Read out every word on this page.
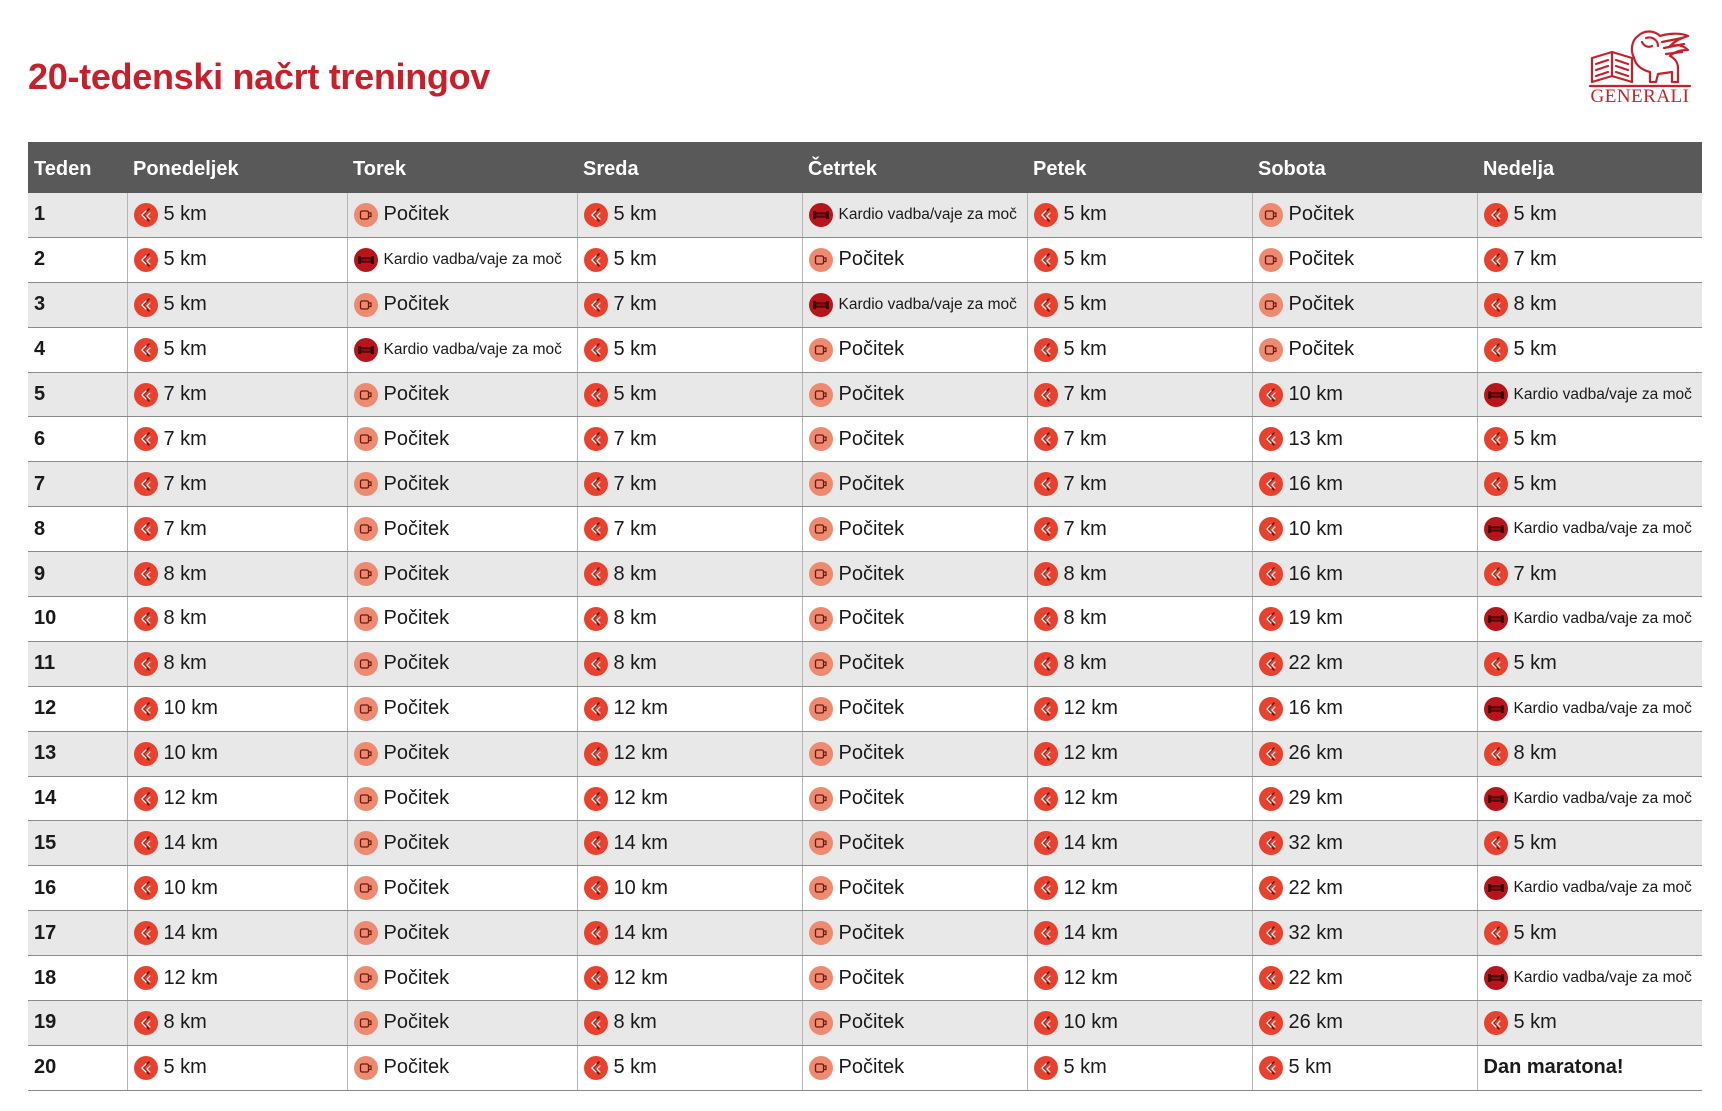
20-tedenski načrt treningov	GENERALI
Teden	Ponedeljek	Torek	Sreda	Četrtek	Petek	Sobota	Nedelja
1	5 km	Počitek	5 km	Kardio vadba/vaje za moč	5 km	Počitek	5 km

2	5 km	Kardio vadba/vaje za moč	5 km	Počitek	5 km	Počitek	7 km

3	5 km	Počitek	7 km	Kardio vadba/vaje za moč	5 km	Počitek	8 km

4	5 km	Kardio vadba/vaje za moč	5 km	Počitek	5 km	Počitek	5 km

5	7 km	Počitek	5 km	Počitek	7 km	10 km	Kardio vadba/vaje za moč

6	7 km	Počitek	7 km	Počitek	7 km	13 km	5 km

7	7 km	Počitek	7 km	Počitek	7 km	16 km	5 km

8	7 km	Počitek	7 km	Počitek	7 km	10 km	Kardio vadba/vaje za moč

9	8 km	Počitek	8 km	Počitek	8 km	16 km	7 km

10	8 km	Počitek	8 km	Počitek	8 km	19 km	Kardio vadba/vaje za moč

11	8 km	Počitek	8 km	Počitek	8 km	22 km	5 km

12	10 km	Počitek	12 km	Počitek	12 km	16 km	Kardio vadba/vaje za moč

13	10 km	Počitek	12 km	Počitek	12 km	26 km	8 km

14	12 km	Počitek	12 km	Počitek	12 km	29 km	Kardio vadba/vaje za moč

15	14 km	Počitek	14 km	Počitek	14 km	32 km	5 km

16	10 km	Počitek	10 km	Počitek	12 km	22 km	Kardio vadba/vaje za moč

17	14 km	Počitek	14 km	Počitek	14 km	32 km	5 km

18	12 km	Počitek	12 km	Počitek	12 km	22 km	Kardio vadba/vaje za moč

19	8 km	Počitek	8 km	Počitek	10 km	26 km	5 km

20	5 km	Počitek	5 km	Počitek	5 km	5 km	Dan maratona!
